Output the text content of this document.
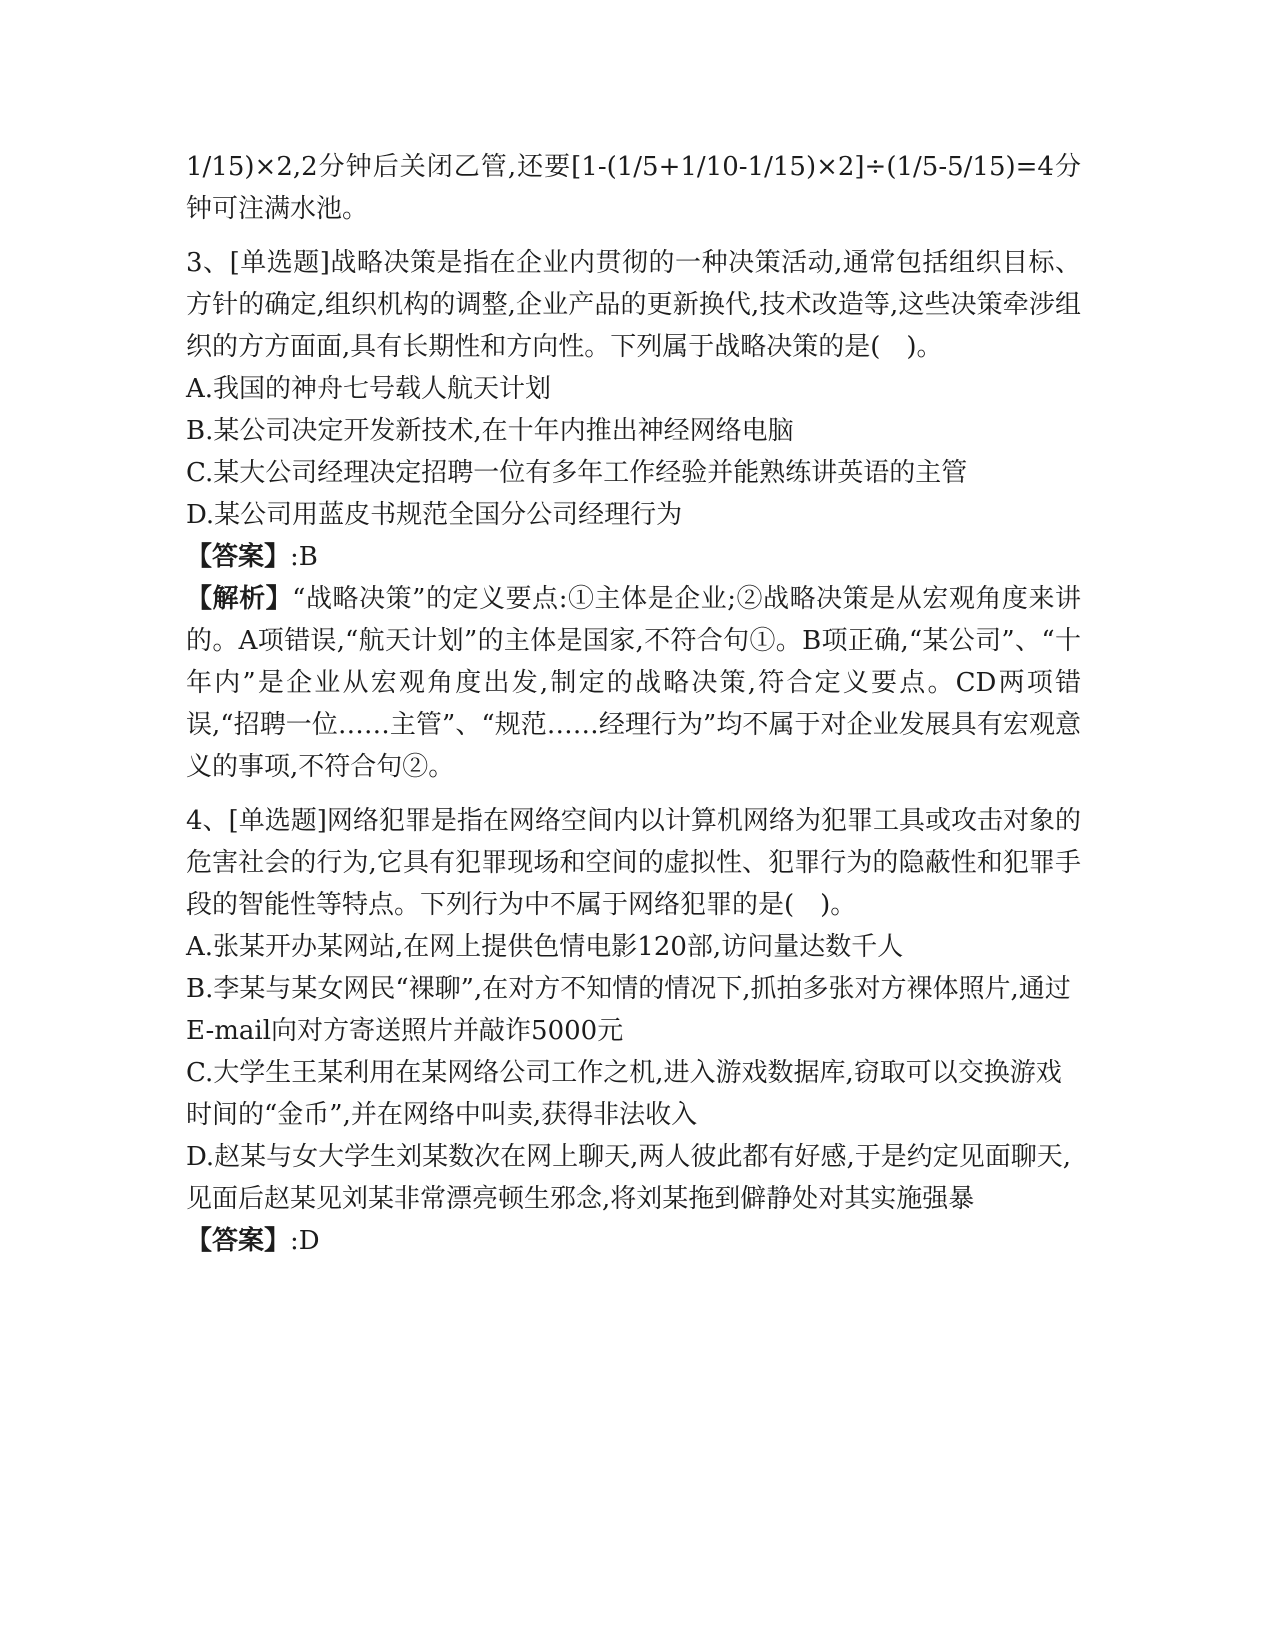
1/15)×2,2分钟后关闭乙管,还要[1-(1/5+1/10-1/15)×2]÷(1/5-5/15)=4分钟可注满水池。

3、[单选题]战略决策是指在企业内贯彻的一种决策活动,通常包括组织目标、方针的确定,组织机构的调整,企业产品的更新换代,技术改造等,这些决策牵涉组织的方方面面,具有长期性和方向性。下列属于战略决策的是(　)。

A.我国的神舟七号载人航天计划

B.某公司决定开发新技术,在十年内推出神经网络电脑

C.某大公司经理决定招聘一位有多年工作经验并能熟练讲英语的主管

D.某公司用蓝皮书规范全国分公司经理行为

【答案】:B

【解析】“战略决策”的定义要点:①主体是企业;②战略决策是从宏观角度来讲的。A项错误,“航天计划”的主体是国家,不符合句①。B项正确,“某公司”、“十年内”是企业从宏观角度出发,制定的战略决策,符合定义要点。CD两项错误,“招聘一位……主管”、“规范……经理行为”均不属于对企业发展具有宏观意义的事项,不符合句②。

4、[单选题]网络犯罪是指在网络空间内以计算机网络为犯罪工具或攻击对象的危害社会的行为,它具有犯罪现场和空间的虚拟性、犯罪行为的隐蔽性和犯罪手段的智能性等特点。下列行为中不属于网络犯罪的是(　)。

A.张某开办某网站,在网上提供色情电影120部,访问量达数千人

B.李某与某女网民“裸聊”,在对方不知情的情况下,抓拍多张对方裸体照片,通过E-mail向对方寄送照片并敲诈5000元

C.大学生王某利用在某网络公司工作之机,进入游戏数据库,窃取可以交换游戏时间的“金币”,并在网络中叫卖,获得非法收入

D.赵某与女大学生刘某数次在网上聊天,两人彼此都有好感,于是约定见面聊天,见面后赵某见刘某非常漂亮顿生邪念,将刘某拖到僻静处对其实施强暴

【答案】:D
